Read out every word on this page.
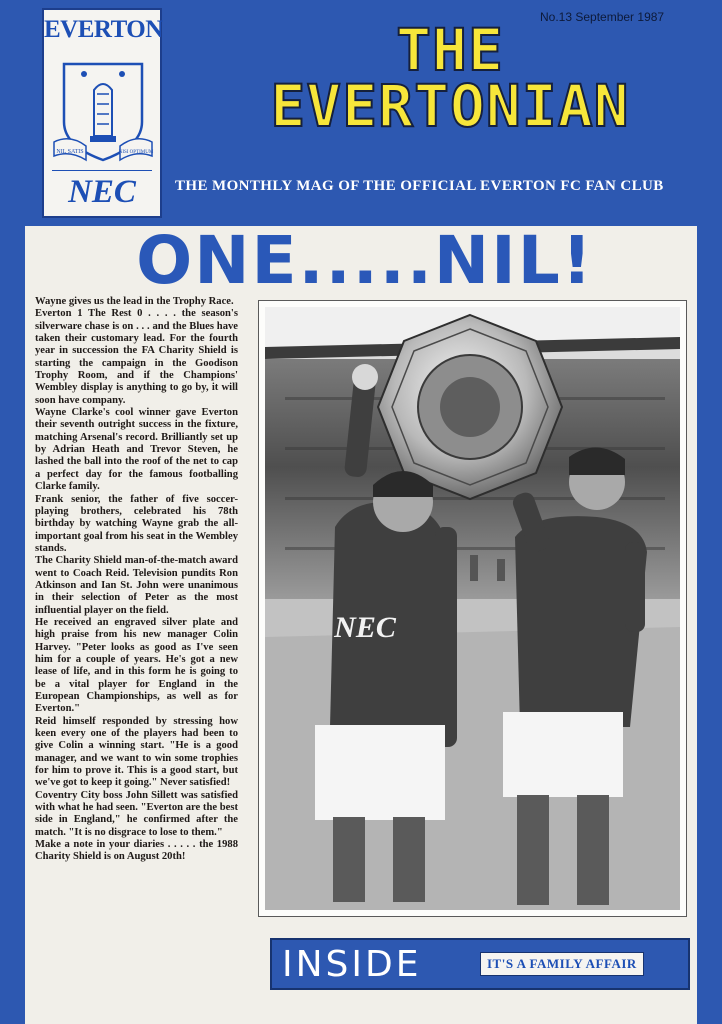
EVERTON
NIL SATIS	NISI OPTIMUM
NEC
No.13 September 1987
THE
EVERTONIAN
THE MONTHLY MAG OF THE OFFICIAL EVERTON FC FAN CLUB
ONE.....NIL!

Wayne gives us the lead in the Trophy Race.

Everton 1 The Rest 0 . . . . the season's silverware chase is on . . . and the Blues have taken their customary lead. For the fourth year in succession the FA Charity Shield is starting the campaign in the Goodison Trophy Room, and if the Champions' Wembley display is anything to go by, it will soon have company.

Wayne Clarke's cool winner gave Everton their seventh outright success in the fixture, matching Arsenal's record. Brilliantly set up by Adrian Heath and Trevor Steven, he lashed the ball into the roof of the net to cap a perfect day for the famous footballing Clarke family.

Frank senior, the father of five soccer-playing brothers, celebrated his 78th birthday by watching Wayne grab the all-important goal from his seat in the Wembley stands.

The Charity Shield man-of-the-match award went to Coach Reid. Television pundits Ron Atkinson and Ian St. John were unanimous in their selection of Peter as the most influential player on the field.

He received an engraved silver plate and high praise from his new manager Colin Harvey. "Peter looks as good as I've seen him for a couple of years. He's got a new lease of life, and in this form he is going to be a vital player for England in the European Championships, as well as for Everton."

Reid himself responded by stressing how keen every one of the players had been to give Colin a winning start. "He is a good manager, and we want to win some trophies for him to prove it. This is a good start, but we've got to keep it going." Never satisfied!

Coventry City boss John Sillett was satisfied with what he had seen. "Everton are the best side in England," he confirmed after the match. "It is no disgrace to lose to them."

Make a note in your diaries . . . . . the 1988 Charity Shield is on August 20th!

NEC
INSIDE	IT'S A FAMILY AFFAIR
